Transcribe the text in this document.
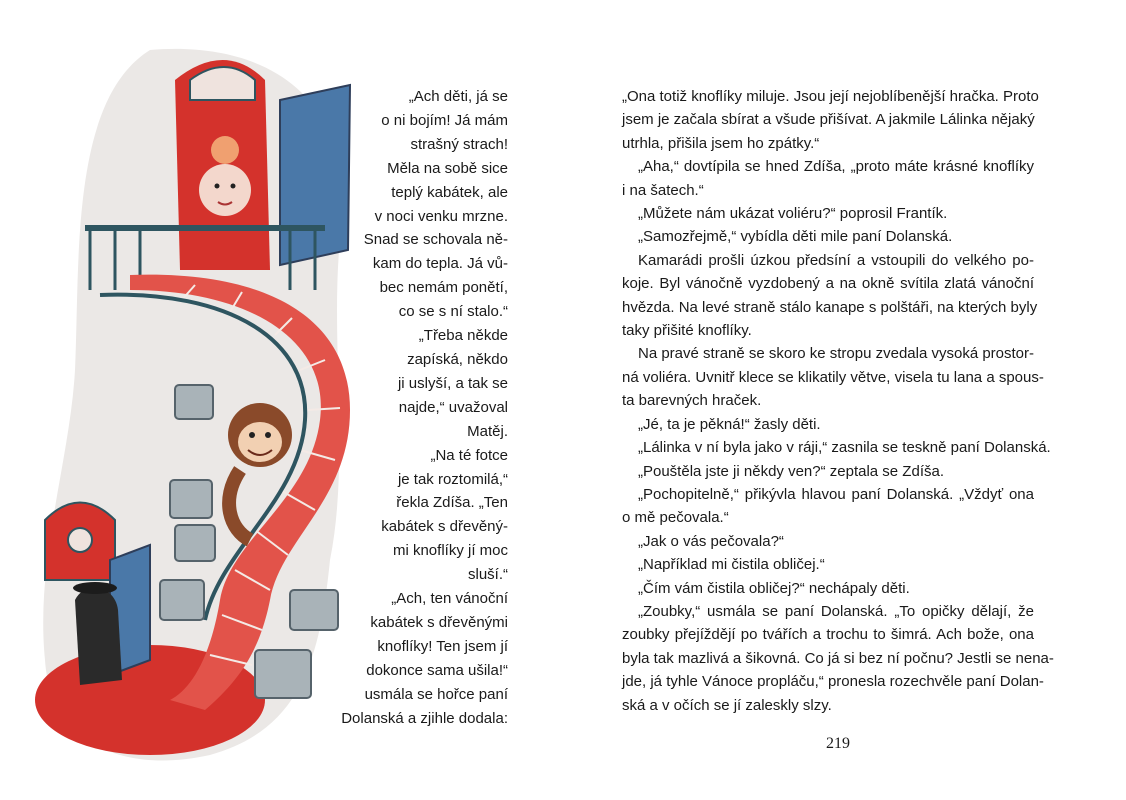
„Ach děti, já se
o ni bojím! Já mám
strašný strach!
Měla na sobě sice
teplý kabátek, ale
v noci venku mrzne.
Snad se schovala ně-
kam do tepla. Já vů-
bec nemám ponětí,
co se s ní stalo.“
„Třeba někde
zapíská, někdo
ji uslyší, a tak se
najde,“ uvažoval
Matěj.
„Na té fotce
je tak roztomilá,“
řekla Zdíša. „Ten
kabátek s dřevěný-
mi knoflíky jí moc
sluší.“
„Ach, ten vánoční
kabátek s dřevěnými
knoflíky! Ten jsem jí
dokonce sama ušila!“
usmála se hořce paní
Dolanská a zjihle dodala:
„Ona totiž knoflíky miluje. Jsou její nejoblíbenější hračka. Proto
jsem je začala sbírat a všude přišívat. A jakmile Lálinka nějaký
utrhla, přišila jsem ho zpátky.“
„Aha,“ dovtípila se hned Zdíša, „proto máte krásné knoflíky
i na šatech.“
„Můžete nám ukázat voliéru?“ poprosil Frantík.
„Samozřejmě,“ vybídla děti mile paní Dolanská.
Kamarádi prošli úzkou předsíní a vstoupili do velkého po-
koje. Byl vánočně vyzdobený a na okně svítila zlatá vánoční
hvězda. Na levé straně stálo kanape s polštáři, na kterých byly
taky přišité knoflíky.
Na pravé straně se skoro ke stropu zvedala vysoká prostor-
ná voliéra. Uvnitř klece se klikatily větve, visela tu lana a spous-
ta barevných hraček.
„Jé, ta je pěkná!“ žasly děti.
„Lálinka v ní byla jako v ráji,“ zasnila se teskně paní Dolanská.
„Pouštěla jste ji někdy ven?“ zeptala se Zdíša.
„Pochopitelně,“ přikývla hlavou paní Dolanská. „Vždyť ona
o mě pečovala.“
„Jak o vás pečovala?“
„Například mi čistila obličej.“
„Čím vám čistila obličej?“ nechápaly děti.
„Zoubky,“ usmála se paní Dolanská. „To opičky dělají, že
zoubky přejíždějí po tvářích a trochu to šimrá. Ach bože, ona
byla tak mazlivá a šikovná. Co já si bez ní počnu? Jestli se nena-
jde, já tyhle Vánoce propláču,“ pronesla rozechvěle paní Dolan-
ská a v očích se jí zaleskly slzy.
219
